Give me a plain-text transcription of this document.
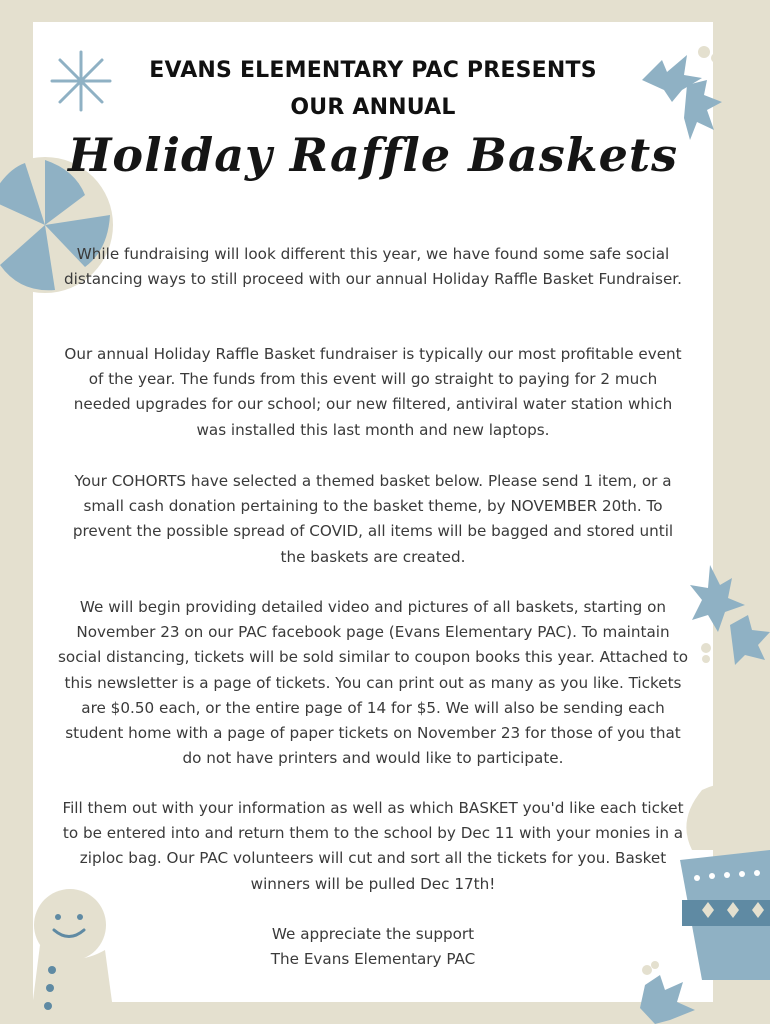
EVANS ELEMENTARY PAC PRESENTS
OUR ANNUAL
Holiday Raffle Baskets
While fundraising will look different this year, we have found some safe social distancing ways to still proceed with our annual Holiday Raffle Basket Fundraiser.
Our annual Holiday Raffle Basket fundraiser is typically our most profitable event of the year. The funds from this event will go straight to paying for 2 much needed upgrades for our school; our new filtered, antiviral water station which was installed this last month and new laptops.
Your COHORTS have selected a themed basket below. Please send 1 item, or a small cash donation pertaining to the basket theme, by NOVEMBER 20th. To prevent the possible spread of COVID, all items will be bagged and stored until the baskets are created.
We will begin providing detailed video and pictures of all baskets, starting on November 23 on our PAC facebook page (Evans Elementary PAC). To maintain social distancing, tickets will be sold similar to coupon books this year. Attached to this newsletter is a page of tickets. You can print out as many as you like. Tickets are $0.50 each, or the entire page of 14 for $5. We will also be sending each student home with a page of paper tickets on November 23 for those of you that do not have printers and would like to participate.
Fill them out with your information as well as which BASKET you'd like each ticket to be entered into and return them to the school by Dec 11 with your monies in a ziploc bag. Our PAC volunteers will cut and sort all the tickets for you. Basket winners will be pulled Dec 17th!
We appreciate the support
The Evans Elementary PAC
